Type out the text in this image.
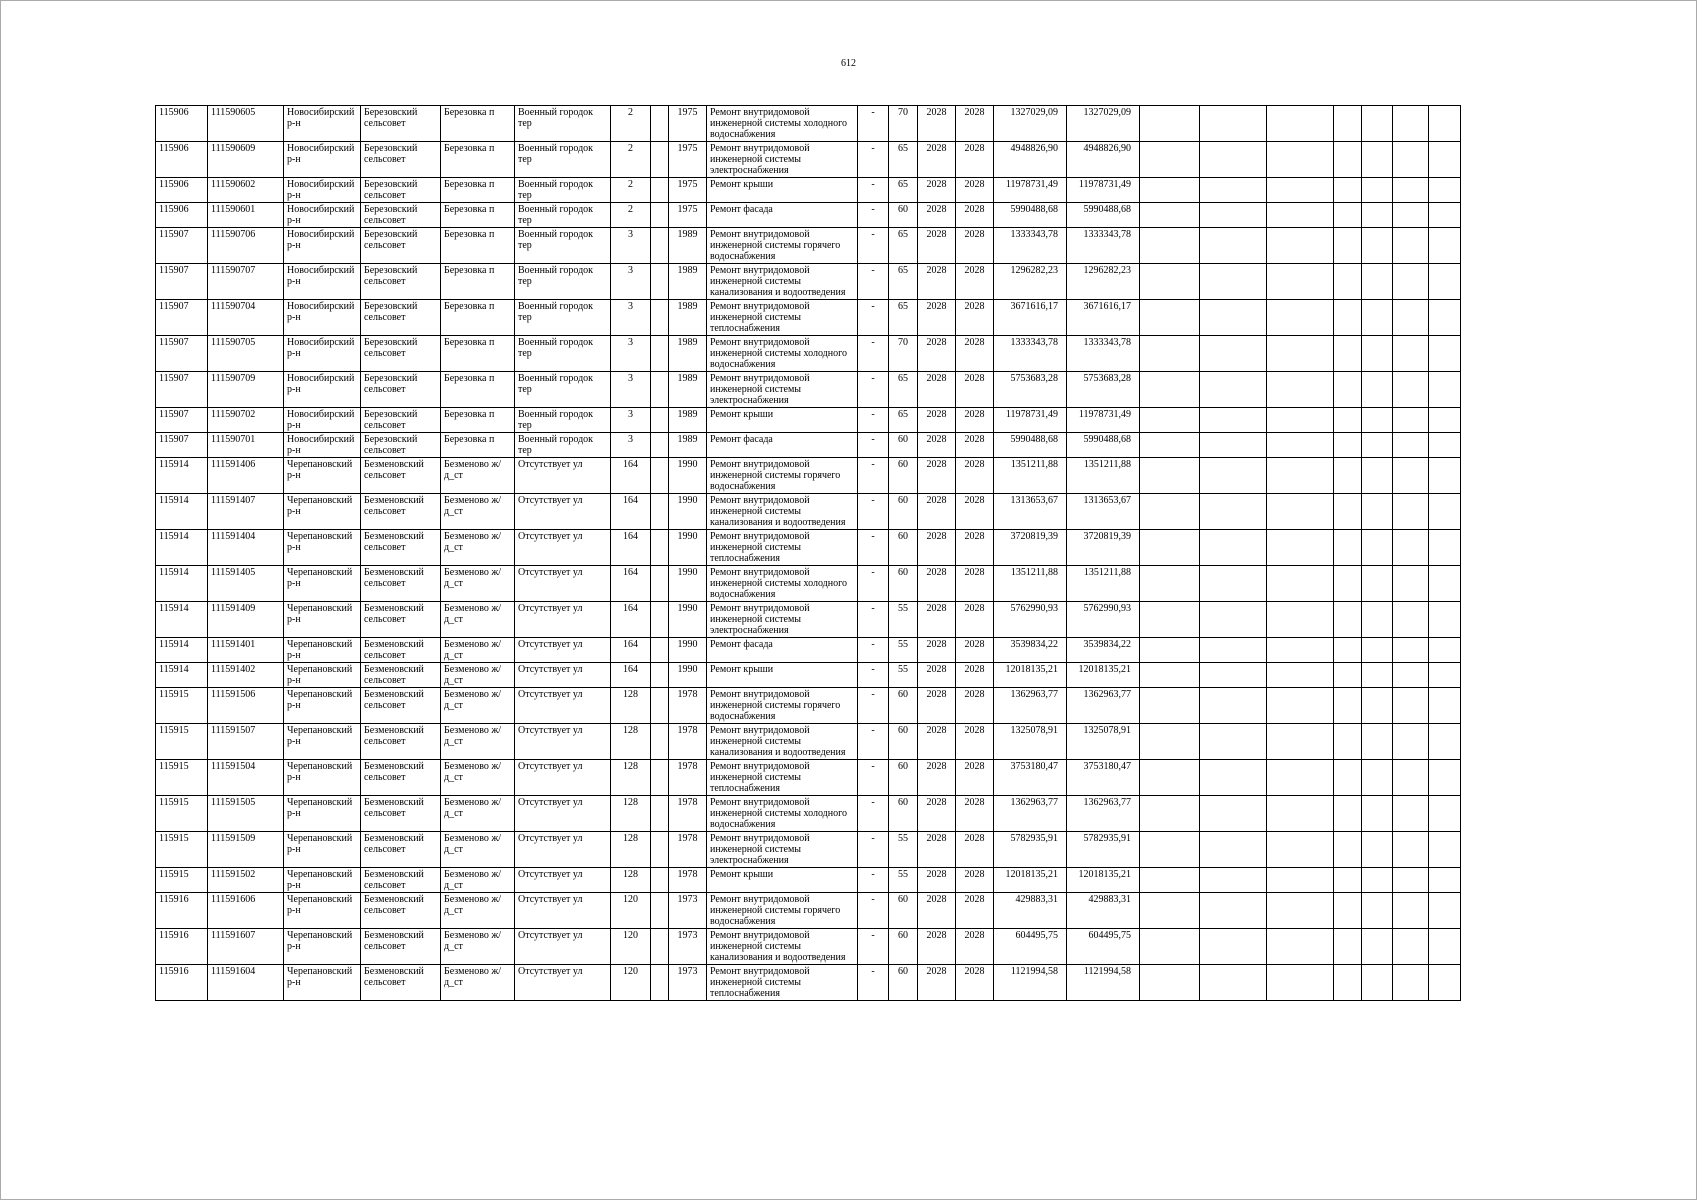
612
115906	111590605	Новосибирский р-н	Березовский сельсовет	Березовка п	Военный городок тер	2		1975	Ремонт внутридомовой инженерной системы холодного водоснабжения	-	70	2028	2028	1327029,09	1327029,09							
115906	111590609	Новосибирский р-н	Березовский сельсовет	Березовка п	Военный городок тер	2		1975	Ремонт внутридомовой инженерной системы электроснабжения	-	65	2028	2028	4948826,90	4948826,90							
115906	111590602	Новосибирский р-н	Березовский сельсовет	Березовка п	Военный городок тер	2		1975	Ремонт крыши	-	65	2028	2028	11978731,49	11978731,49							
115906	111590601	Новосибирский р-н	Березовский сельсовет	Березовка п	Военный городок тер	2		1975	Ремонт фасада	-	60	2028	2028	5990488,68	5990488,68							
115907	111590706	Новосибирский р-н	Березовский сельсовет	Березовка п	Военный городок тер	3		1989	Ремонт внутридомовой инженерной системы горячего водоснабжения	-	65	2028	2028	1333343,78	1333343,78							
115907	111590707	Новосибирский р-н	Березовский сельсовет	Березовка п	Военный городок тер	3		1989	Ремонт внутридомовой инженерной системы канализования и водоотведения	-	65	2028	2028	1296282,23	1296282,23							
115907	111590704	Новосибирский р-н	Березовский сельсовет	Березовка п	Военный городок тер	3		1989	Ремонт внутридомовой инженерной системы теплоснабжения	-	65	2028	2028	3671616,17	3671616,17							
115907	111590705	Новосибирский р-н	Березовский сельсовет	Березовка п	Военный городок тер	3		1989	Ремонт внутридомовой инженерной системы холодного водоснабжения	-	70	2028	2028	1333343,78	1333343,78							
115907	111590709	Новосибирский р-н	Березовский сельсовет	Березовка п	Военный городок тер	3		1989	Ремонт внутридомовой инженерной системы электроснабжения	-	65	2028	2028	5753683,28	5753683,28							
115907	111590702	Новосибирский р-н	Березовский сельсовет	Березовка п	Военный городок тер	3		1989	Ремонт крыши	-	65	2028	2028	11978731,49	11978731,49							
115907	111590701	Новосибирский р-н	Березовский сельсовет	Березовка п	Военный городок тер	3		1989	Ремонт фасада	-	60	2028	2028	5990488,68	5990488,68							
115914	111591406	Черепановский р-н	Безменовский сельсовет	Безменово ж/д_ст	Отсутствует ул	164		1990	Ремонт внутридомовой инженерной системы горячего водоснабжения	-	60	2028	2028	1351211,88	1351211,88							
115914	111591407	Черепановский р-н	Безменовский сельсовет	Безменово ж/д_ст	Отсутствует ул	164		1990	Ремонт внутридомовой инженерной системы канализования и водоотведения	-	60	2028	2028	1313653,67	1313653,67							
115914	111591404	Черепановский р-н	Безменовский сельсовет	Безменово ж/д_ст	Отсутствует ул	164		1990	Ремонт внутридомовой инженерной системы теплоснабжения	-	60	2028	2028	3720819,39	3720819,39							
115914	111591405	Черепановский р-н	Безменовский сельсовет	Безменово ж/д_ст	Отсутствует ул	164		1990	Ремонт внутридомовой инженерной системы холодного водоснабжения	-	60	2028	2028	1351211,88	1351211,88							
115914	111591409	Черепановский р-н	Безменовский сельсовет	Безменово ж/д_ст	Отсутствует ул	164		1990	Ремонт внутридомовой инженерной системы электроснабжения	-	55	2028	2028	5762990,93	5762990,93							
115914	111591401	Черепановский р-н	Безменовский сельсовет	Безменово ж/д_ст	Отсутствует ул	164		1990	Ремонт фасада	-	55	2028	2028	3539834,22	3539834,22							
115914	111591402	Черепановский р-н	Безменовский сельсовет	Безменово ж/д_ст	Отсутствует ул	164		1990	Ремонт крыши	-	55	2028	2028	12018135,21	12018135,21							
115915	111591506	Черепановский р-н	Безменовский сельсовет	Безменово ж/д_ст	Отсутствует ул	128		1978	Ремонт внутридомовой инженерной системы горячего водоснабжения	-	60	2028	2028	1362963,77	1362963,77							
115915	111591507	Черепановский р-н	Безменовский сельсовет	Безменово ж/д_ст	Отсутствует ул	128		1978	Ремонт внутридомовой инженерной системы канализования и водоотведения	-	60	2028	2028	1325078,91	1325078,91							
115915	111591504	Черепановский р-н	Безменовский сельсовет	Безменово ж/д_ст	Отсутствует ул	128		1978	Ремонт внутридомовой инженерной системы теплоснабжения	-	60	2028	2028	3753180,47	3753180,47							
115915	111591505	Черепановский р-н	Безменовский сельсовет	Безменово ж/д_ст	Отсутствует ул	128		1978	Ремонт внутридомовой инженерной системы холодного водоснабжения	-	60	2028	2028	1362963,77	1362963,77							
115915	111591509	Черепановский р-н	Безменовский сельсовет	Безменово ж/д_ст	Отсутствует ул	128		1978	Ремонт внутридомовой инженерной системы электроснабжения	-	55	2028	2028	5782935,91	5782935,91							
115915	111591502	Черепановский р-н	Безменовский сельсовет	Безменово ж/д_ст	Отсутствует ул	128		1978	Ремонт крыши	-	55	2028	2028	12018135,21	12018135,21							
115916	111591606	Черепановский р-н	Безменовский сельсовет	Безменово ж/д_ст	Отсутствует ул	120		1973	Ремонт внутридомовой инженерной системы горячего водоснабжения	-	60	2028	2028	429883,31	429883,31							
115916	111591607	Черепановский р-н	Безменовский сельсовет	Безменово ж/д_ст	Отсутствует ул	120		1973	Ремонт внутридомовой инженерной системы канализования и водоотведения	-	60	2028	2028	604495,75	604495,75							
115916	111591604	Черепановский р-н	Безменовский сельсовет	Безменово ж/д_ст	Отсутствует ул	120		1973	Ремонт внутридомовой инженерной системы теплоснабжения	-	60	2028	2028	1121994,58	1121994,58							
